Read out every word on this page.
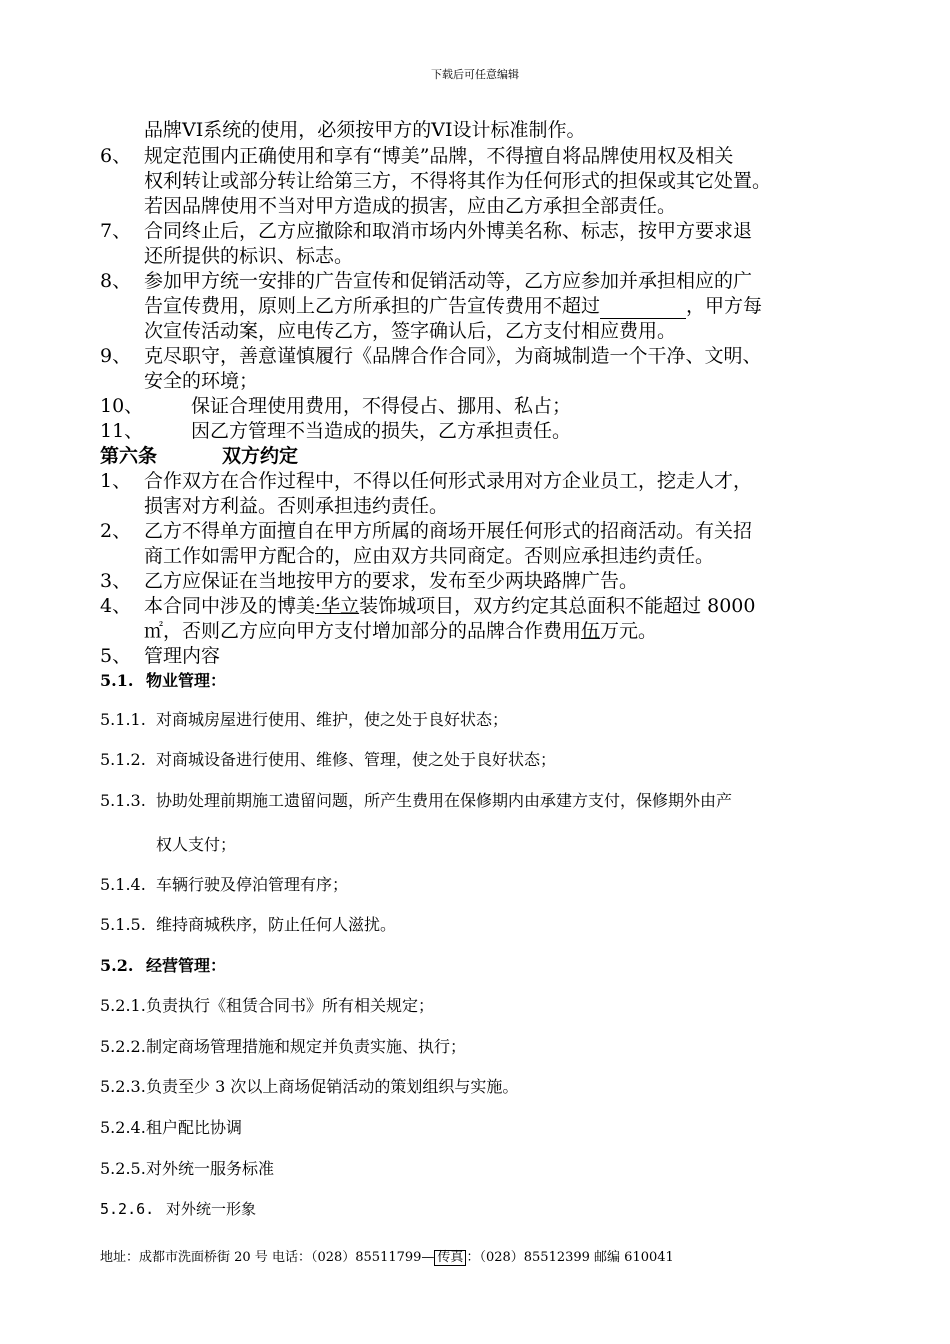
下载后可任意编辑
品牌VI系统的使用，必须按甲方的VI设计标准制作。
6、 规定范围内正确使用和享有“博美”品牌，不得擅自将品牌使用权及相关
权利转让或部分转让给第三方，不得将其作为任何形式的担保或其它处置。
若因品牌使用不当对甲方造成的损害，应由乙方承担全部责任。
7、 合同终止后，乙方应撤除和取消市场内外博美名称、标志，按甲方要求退
还所提供的标识、标志。
8、 参加甲方统一安排的广告宣传和促销活动等，乙方应参加并承担相应的广
告宣传费用，原则上乙方所承担的广告宣传费用不超过	，甲方每
次宣传活动案，应电传乙方，签字确认后，乙方支付相应费用。
9、 克尽职守，善意谨慎履行《品牌合作合同》，为商城制造一个干净、文明、
安全的环境；
10、	保证合理使用费用，不得侵占、挪用、私占；
11、	因乙方管理不当造成的损失，乙方承担责任。
第六条	双方约定
1、 合作双方在合作过程中，不得以任何形式录用对方企业员工，挖走人才，
损害对方利益。否则承担违约责任。
2、 乙方不得单方面擅自在甲方所属的商场开展任何形式的招商活动。有关招
商工作如需甲方配合的，应由双方共同商定。否则应承担违约责任。
3、 乙方应保证在当地按甲方的要求，发布至少两块路牌广告。
4、 本合同中涉及的博美·华立装饰城项目，双方约定其总面积不能超过 8000
㎡，否则乙方应向甲方支付增加部分的品牌合作费用伍万元。
5、 管理内容
5.1. 物业管理：
5.1.1. 对商城房屋进行使用、维护，使之处于良好状态；
5.1.2. 对商城设备进行使用、维修、管理，使之处于良好状态；
5.1.3. 协助处理前期施工遗留问题，所产生费用在保修期内由承建方支付，保修期外由产
权人支付；
5.1.4. 车辆行驶及停泊管理有序；
5.1.5. 维持商城秩序，防止任何人滋扰。
5.2. 经营管理：
5.2.1. 负责执行《租赁合同书》所有相关规定；
5.2.2. 制定商场管理措施和规定并负责实施、执行；
5.2.3. 负责至少 3 次以上商场促销活动的策划组织与实施。
5.2.4. 租户配比协调
5.2.5. 对外统一服务标准
5.2.6. 对外统一形象
地址：成都市洗面桥街 20 号 电话：（028）85511799— 传真 ：（028）85512399 邮编 610041
